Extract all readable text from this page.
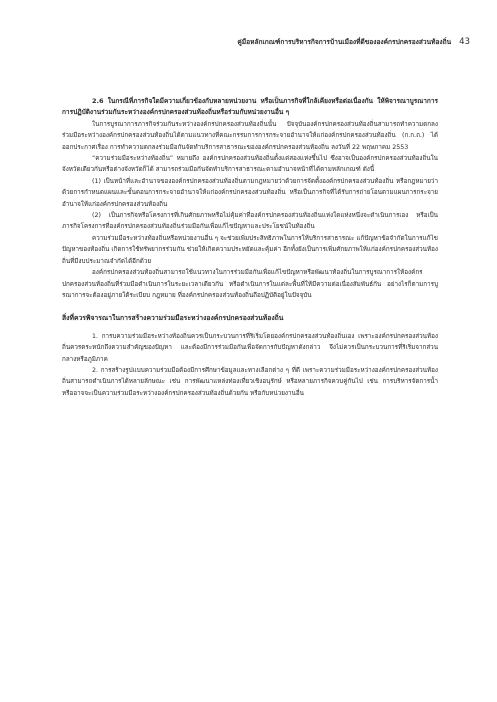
คู่มือหลักเกณฑ์การบริหารกิจการบ้านเมืองที่ดีขององค์กรปกครองส่วนท้องถิ่น 43

2.6 ในกรณีที่ภารกิจใดมีความเกี่ยวข้องกับหลายหน่วยงาน หรือเป็นภารกิจที่ใกล้เคียงหรือต่อเนื่องกัน ให้พิจารณาบูรณาการการปฏิบัติงานร่วมกันระหว่างองค์กรปกครองส่วนท้องถิ่นหรือร่วมกับหน่วยงานอื่น ๆ

ในการบูรณาการภารกิจร่วมกันระหว่างองค์กรปกครองส่วนท้องถิ่นนั้น ปัจจุบันองค์กรปกครองส่วนท้องถิ่นสามารถทำความตกลงร่วมมือระหว่างองค์กรปกครองส่วนท้องถิ่นได้ตามแนวทางที่คณะกรรมการการกระจายอำนาจให้แก่องค์กรปกครองส่วนท้องถิ่น (ก.ก.ถ.) ได้ออกประกาศเรื่อง การทำความตกลงร่วมมือกันจัดทำบริการสาธารณะขององค์กรปกครองส่วนท้องถิ่น ลงวันที่ 22 พฤษภาคม 2553

“ความร่วมมือระหว่างท้องถิ่น” หมายถึง องค์กรปกครองส่วนท้องถิ่นตั้งแต่สองแห่งขึ้นไป ซึ่งอาจเป็นองค์กรปกครองส่วนท้องถิ่นในจังหวัดเดียวกันหรือต่างจังหวัดก็ได้ สามารถร่วมมือกันจัดทำบริการสาธารณะตามอำนาจหน้าที่ได้ตามหลักเกณฑ์ ดังนี้

(1) เป็นหน้าที่และอำนาจขององค์กรปกครองส่วนท้องถิ่นตามกฎหมายว่าด้วยการจัดตั้งองค์กรปกครองส่วนท้องถิ่น หรือกฎหมายว่าด้วยการกำหนดแผนและขั้นตอนการกระจายอำนาจให้แก่องค์กรปกครองส่วนท้องถิ่น หรือเป็นภารกิจที่ได้รับการถ่ายโอนตามแผนการกระจายอำนาจให้แก่องค์กรปกครองส่วนท้องถิ่น

(2) เป็นภารกิจหรือโครงการที่เกินศักยภาพหรือไม่คุ้มค่าที่องค์กรปกครองส่วนท้องถิ่นแห่งใดแห่งหนึ่งจะดำเนินการเอง หรือเป็นภารกิจโครงการที่องค์กรปกครองส่วนท้องถิ่นร่วมมือกันเพื่อแก้ไขปัญหาและประโยชน์ในท้องถิ่น

ความร่วมมือระหว่างท้องถิ่นหรือหน่วยงานอื่น ๆ จะช่วยเพิ่มประสิทธิภาพในการให้บริการสาธารณะ แก้ปัญหาข้อจำกัดในการแก้ไขปัญหาของท้องถิ่น เกิดการใช้ทรัพยากรร่วมกัน ช่วยให้เกิดความประหยัดและคุ้มค่า อีกทั้งยังเป็นการเพิ่มศักยภาพให้แก่องค์กรปกครองส่วนท้องถิ่นที่มีงบประมาณจำกัดได้อีกด้วย

องค์กรปกครองส่วนท้องถิ่นสามารถใช้แนวทางในการร่วมมือกันเพื่อแก้ไขปัญหาหรือพัฒนาท้องถิ่นในการบูรณาการให้องค์กรปกครองส่วนท้องถิ่นที่ร่วมมือดำเนินการในระยะเวลาเดียวกัน หรือดำเนินการในแต่ละพื้นที่ให้มีความต่อเนื่องสัมพันธ์กัน อย่างไรก็ตามการบูรณาการจะต้องอยู่ภายใต้ระเบียบ กฎหมาย ที่องค์กรปกครองส่วนท้องถิ่นถือปฏิบัติอยู่ในปัจจุบัน

สิ่งที่ควรพิจารณาในการสร้างความร่วมมือระหว่างองค์กรปกครองส่วนท้องถิ่น

1. การบความร่วมมือระหว่างท้องถิ่นควรเป็นกระบวนการที่ริเริ่มโดยองค์กรปกครองส่วนท้องถิ่นเอง เพราะองค์กรปกครองส่วนท้องถิ่นควรตระหนักถึงความสำคัญของปัญหา และต้องมีการร่วมมือกันเพื่อจัดการกับปัญหาดังกล่าว จึงไม่ควรเป็นกระบวนการที่ริเริ่มจากส่วนกลางหรือภูมิภาค

2. การสร้างรูปแบบความร่วมมือต้องมีการศึกษาข้อมูลและทางเลือกต่าง ๆ ที่ดี เพราะความร่วมมือระหว่างองค์กรปกครองส่วนท้องถิ่นสามารถดำเนินการได้หลายลักษณะ เช่น การพัฒนาแหล่งท่องเที่ยวเชิงอนุรักษ์ หรือหลายภารกิจควบคู่กันไป เช่น การบริหารจัดการน้ำ หรืออาจจะเป็นความร่วมมือระหว่างองค์กรปกครองส่วนท้องถิ่นด้วยกัน หรือกับหน่วยงานอื่น
